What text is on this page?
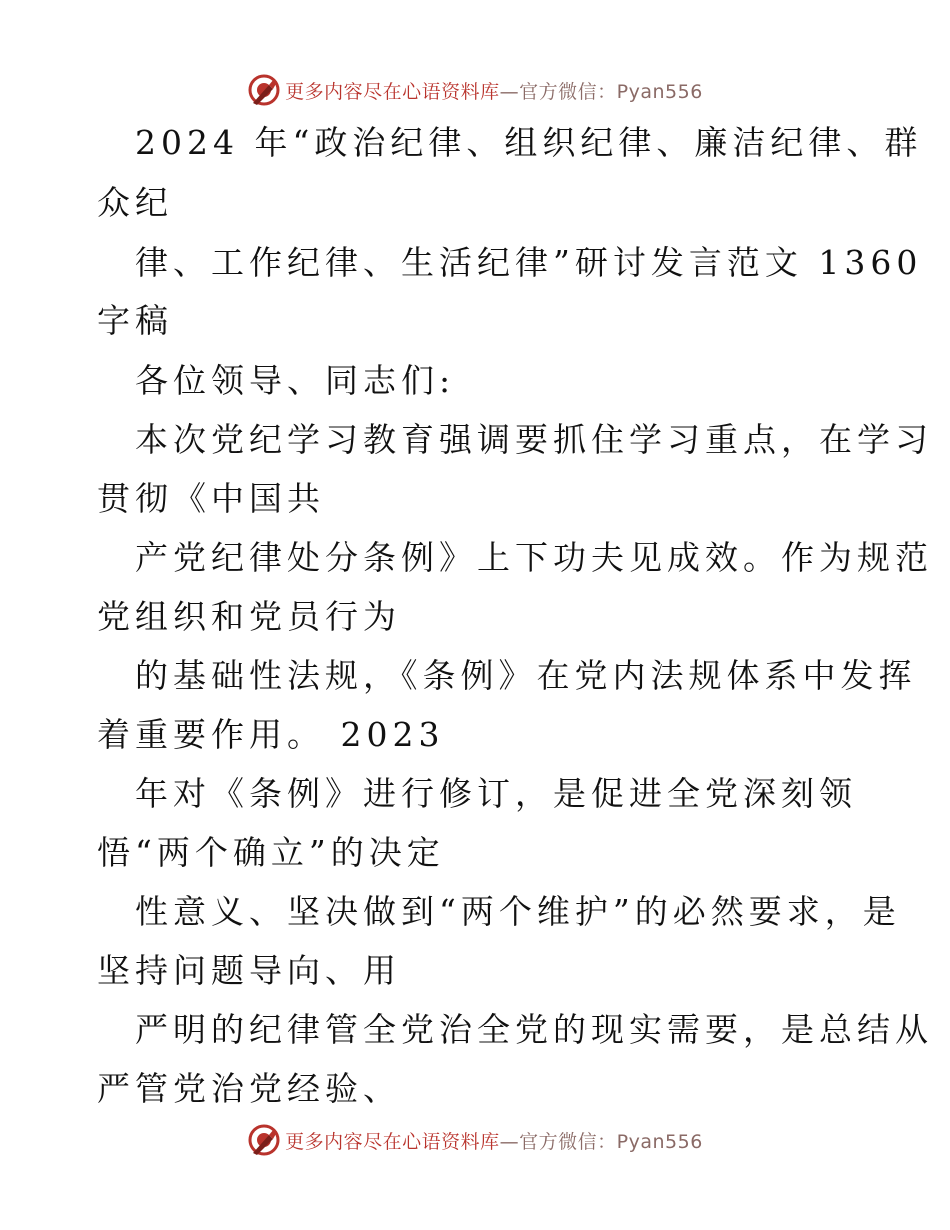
更多内容尽在心语资料库—官方微信：Pyan556
2024 年“政治纪律、组织纪律、廉洁纪律、群
众纪
律、工作纪律、生活纪律”研讨发言范文 1360
字稿
各位领导、同志们:
本次党纪学习教育强调要抓住学习重点，在学习
贯彻《中国共
产党纪律处分条例》上下功夫见成效。作为规范
党组织和党员行为
的基础性法规，《条例》在党内法规体系中发挥
着重要作用。 2023
年对《条例》进行修订，是促进全党深刻领
悟“两个确立”的决定
性意义、坚决做到“两个维护”的必然要求，是
坚持问题导向、用
严明的纪律管全党治全党的现实需要，是总结从
严管党治党经验、
更多内容尽在心语资料库—官方微信：Pyan556
